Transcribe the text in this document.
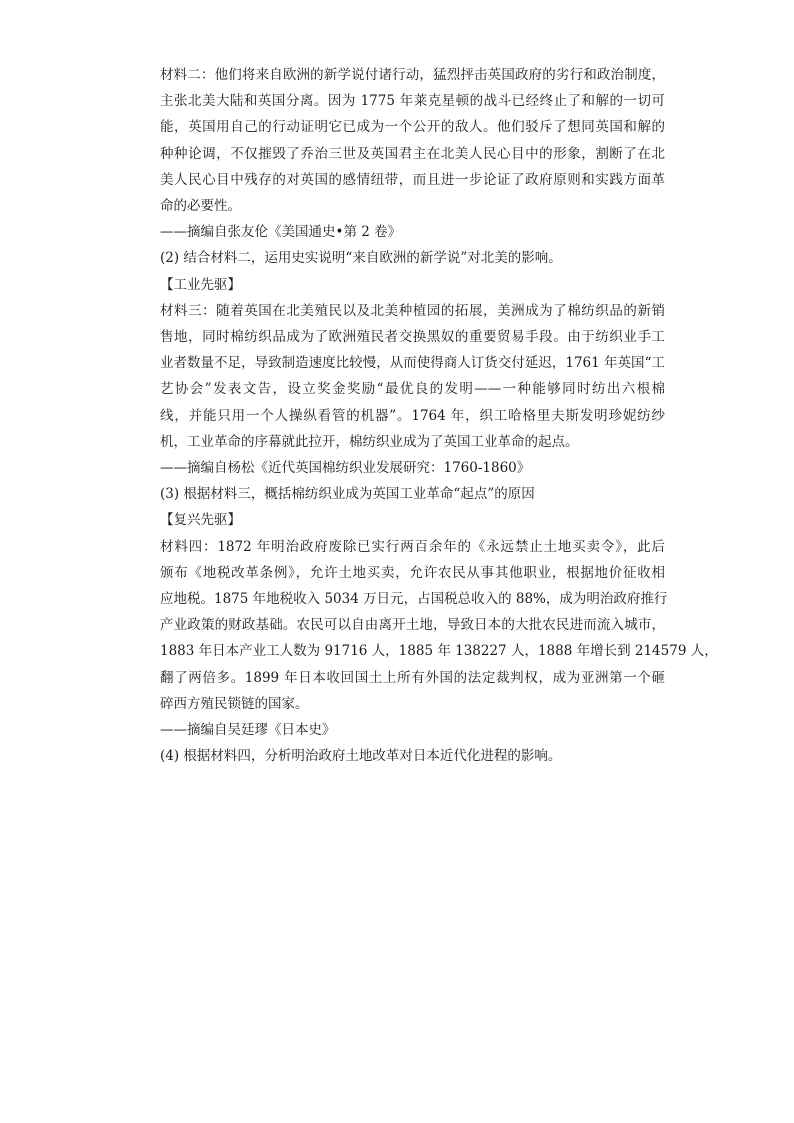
材料二：他们将来自欧洲的新学说付诸行动，猛烈抨击英国政府的劣行和政治制度，
主张北美大陆和英国分离。因为 1775 年莱克星顿的战斗已经终止了和解的一切可
能，英国用自己的行动证明它已成为一个公开的敌人。他们驳斥了想同英国和解的
种种论调，不仅摧毁了乔治三世及英国君主在北美人民心目中的形象，割断了在北
美人民心目中残存的对英国的感情纽带，而且进一步论证了政府原则和实践方面革
命的必要性。
——摘编自张友伦《美国通史•第 2 卷》
(2) 结合材料二，运用史实说明“来自欧洲的新学说”对北美的影响。
【工业先驱】
材料三：随着英国在北美殖民以及北美种植园的拓展，美洲成为了棉纺织品的新销
售地，同时棉纺织品成为了欧洲殖民者交换黑奴的重要贸易手段。由于纺织业手工
业者数量不足，导致制造速度比较慢，从而使得商人订货交付延迟，1761 年英国“工
艺协会”发表文告，设立奖金奖励“最优良的发明——一种能够同时纺出六根棉
线，并能只用一个人操纵看管的机器”。1764 年，织工哈格里夫斯发明珍妮纺纱
机，工业革命的序幕就此拉开，棉纺织业成为了英国工业革命的起点。
——摘编自杨松《近代英国棉纺织业发展研究：1760-1860》
(3) 根据材料三，概括棉纺织业成为英国工业革命“起点”的原因
【复兴先驱】
材料四：1872 年明治政府废除已实行两百余年的《永远禁止土地买卖令》，此后
颁布《地税改革条例》，允许土地买卖，允许农民从事其他职业，根据地价征收相
应地税。1875 年地税收入 5034 万日元，占国税总收入的 88%，成为明治政府推行
产业政策的财政基础。农民可以自由离开土地，导致日本的大批农民进而流入城市，
1883 年日本产业工人数为 91716 人，1885 年 138227 人，1888 年增长到 214579 人，
翻了两倍多。1899 年日本收回国土上所有外国的法定裁判权，成为亚洲第一个砸
碎西方殖民锁链的国家。
——摘编自吴廷璆《日本史》
(4) 根据材料四，分析明治政府土地改革对日本近代化进程的影响。
